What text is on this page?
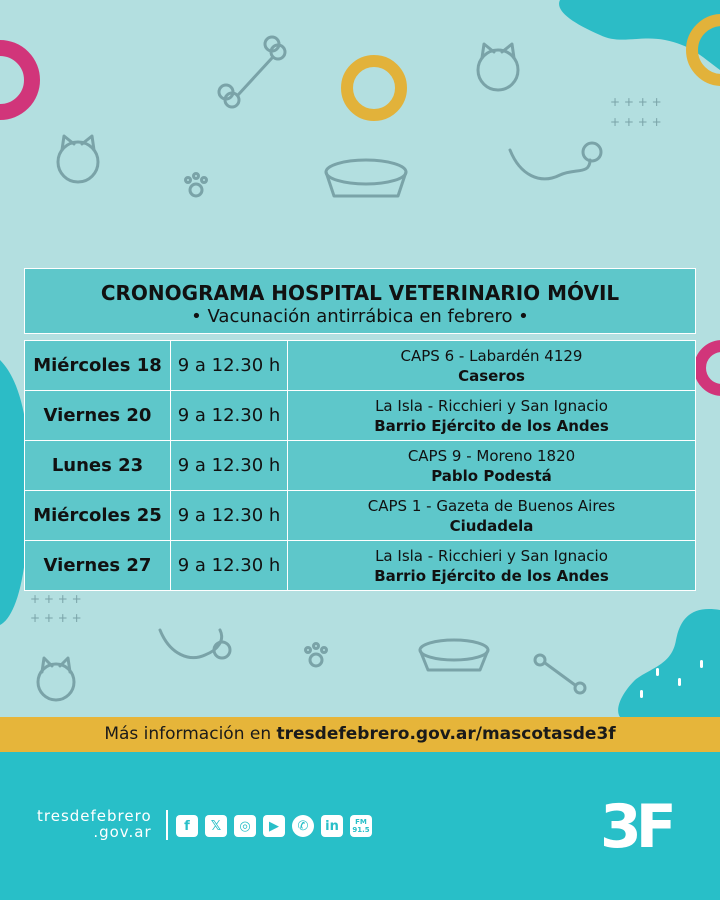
+ + + +
+ + + +
+ + + +
+ + + +
CRONOGRAMA HOSPITAL VETERINARIO MÓVIL
• Vacunación antirrábica en febrero •
Miércoles 18	9 a 12.30 h	CAPS 6 - Labardén 4129
Caseros

Viernes 20	9 a 12.30 h	La Isla - Ricchieri y San Ignacio
Barrio Ejército de los Andes

Lunes 23	9 a 12.30 h	CAPS 9 - Moreno 1820
Pablo Podestá

Miércoles 25	9 a 12.30 h	CAPS 1 - Gazeta de Buenos Aires
Ciudadela

Viernes 27	9 a 12.30 h	La Isla - Ricchieri y San Ignacio
Barrio Ejército de los Andes
Más información en tresdefebrero.gov.ar/mascotasde3f
tresdefebrero
.gov.ar	f	𝕏	◎	▶	✆	in	FM
91.5	3F
